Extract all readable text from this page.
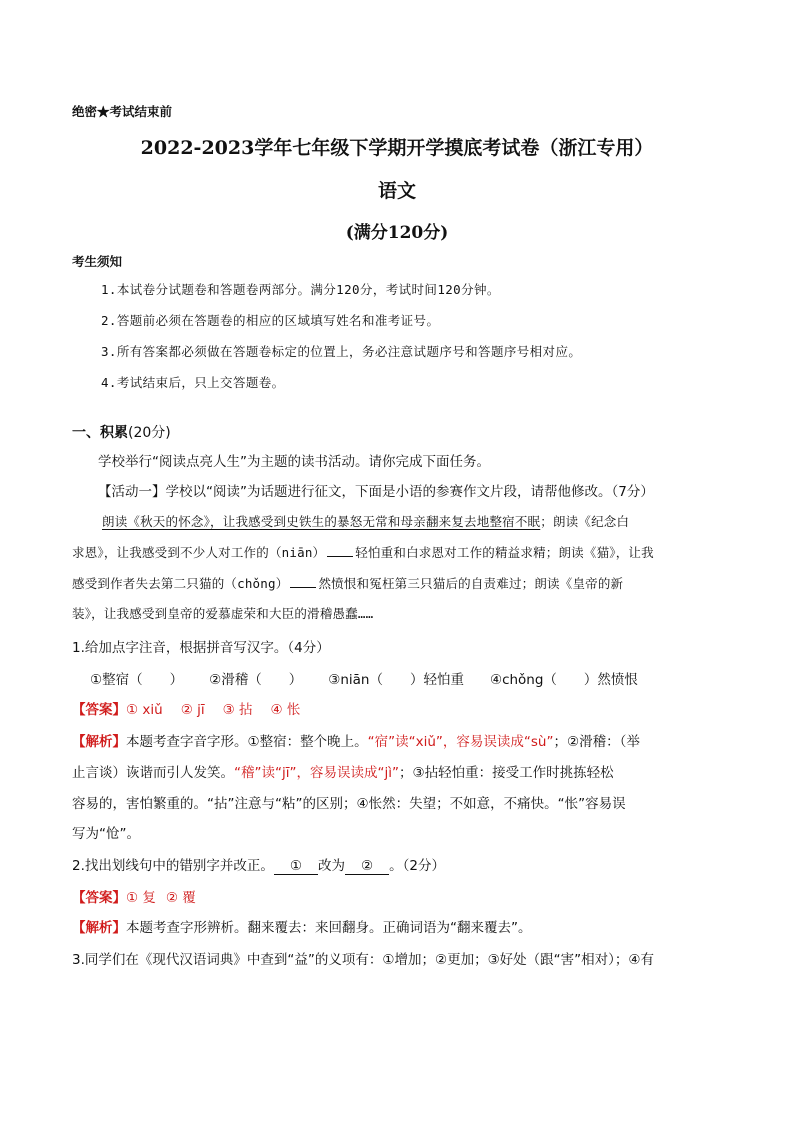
绝密★考试结束前
2022-2023学年七年级下学期开学摸底考试卷（浙江专用）
语文
(满分120分)
考生须知
1.本试卷分试题卷和答题卷两部分。满分120分，考试时间120分钟。
2.答题前必须在答题卷的相应的区域填写姓名和准考证号。
3.所有答案都必须做在答题卷标定的位置上，务必注意试题序号和答题序号相对应。
4.考试结束后，只上交答题卷。
一、积累(20分)
学校举行“阅读点亮人生”为主题的读书活动。请你完成下面任务。
【活动一】学校以“阅读”为话题进行征文，下面是小语的参赛作文片段，请帮他修改。（7分）
朗读《秋天的怀念》，让我感受到史铁生的暴怒无常和母亲翻来复去地整宿不眠；朗读《纪念白
求恩》，让我感受到不少人对工作的（niān） 轻怕重和白求恩对工作的精益求精；朗读《猫》，让我
感受到作者失去第二只猫的（chǒng） 然愤恨和冤枉第三只猫后的自责难过；朗读《皇帝的新
装》，让我感受到皇帝的爱慕虚荣和大臣的滑稽愚蠢……
1.给加点字注音，根据拼音写汉字。（4分）
①整宿（　　） ②滑稽（　　） ③niān（　　）轻怕重 ④chǒng（　　）然愤恨
【答案】① xiǔ ② jī ③ 拈 ④ 怅
【解析】本题考查字音字形。①整宿：整个晚上。“宿”读“xiǔ”，容易误读成“sù”；②滑稽：（举
止言谈）诙谐而引人发笑。“稽”读“jī”，容易误读成“jì”；③拈轻怕重：接受工作时挑拣轻松
容易的，害怕繁重的。“拈”注意与“粘”的区别；④怅然：失望；不如意，不痛快。“怅”容易误
写为“怆”。
2.找出划线句中的错别字并改正。 ① 改为 ② 。（2分）
【答案】① 复 ② 覆
【解析】本题考查字形辨析。翻来覆去：来回翻身。正确词语为“翻来覆去”。
3.同学们在《现代汉语词典》中查到“益”的义项有：①增加；②更加；③好处（跟“害”相对）；④有
